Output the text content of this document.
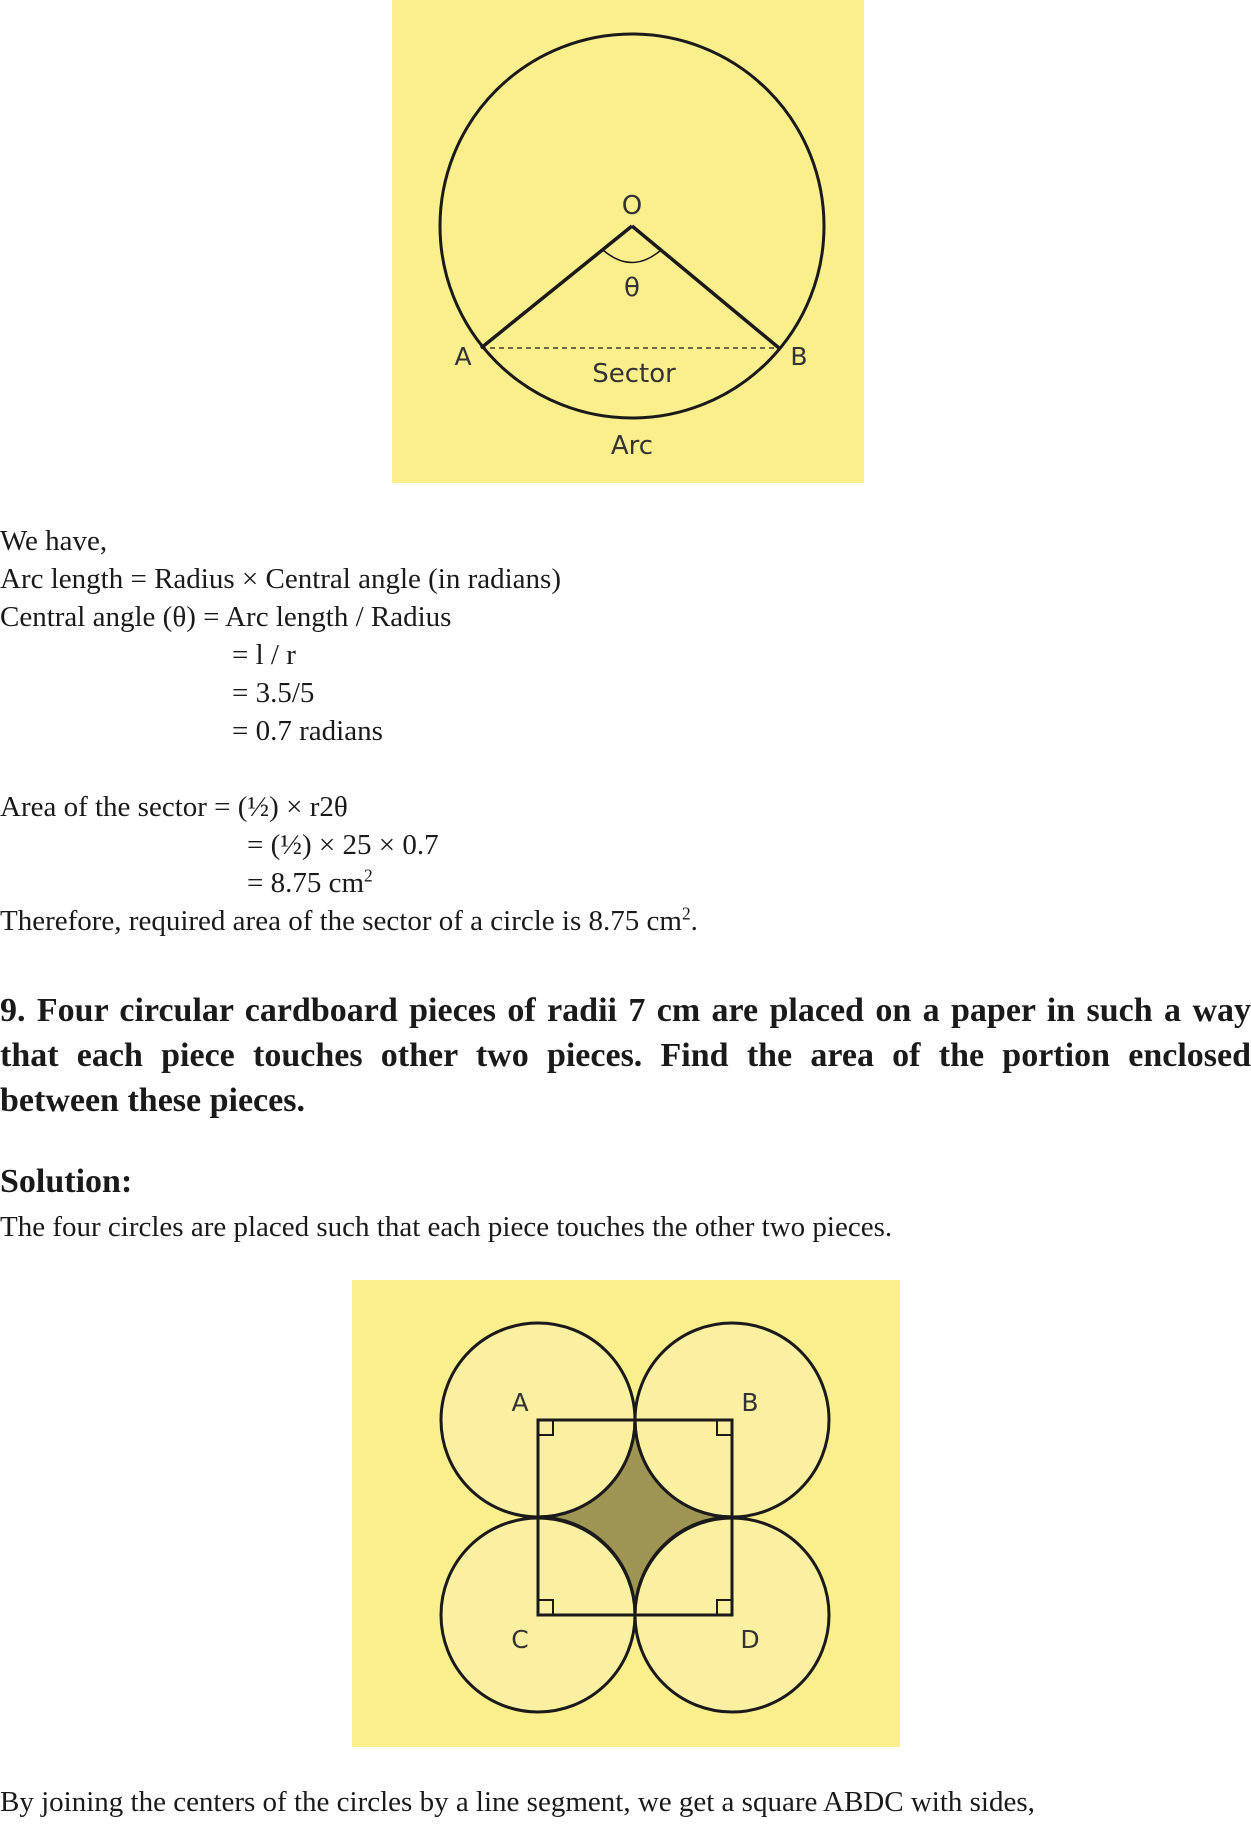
O
θ
A	B
Sector
Arc
We have,
Arc length = Radius × Central angle (in radians)
Central angle (θ) = Arc length / Radius
= l / r
= 3.5/5
= 0.7 radians
Area of the sector = (½) × r2θ
= (½) × 25 × 0.7
= 8.75 $cm^2$
Therefore, required area of the sector of a circle is 8.75 $cm^2$.
9. Four circular cardboard pieces of radii 7 cm are placed on a paper in such a way that each piece touches other two pieces. Find the area of the portion enclosed between these pieces.
Solution:
The four circles are placed such that each piece touches the other two pieces.
A	B
C	D
By joining the centers of the circles by a line segment, we get a square ABDC with sides,
